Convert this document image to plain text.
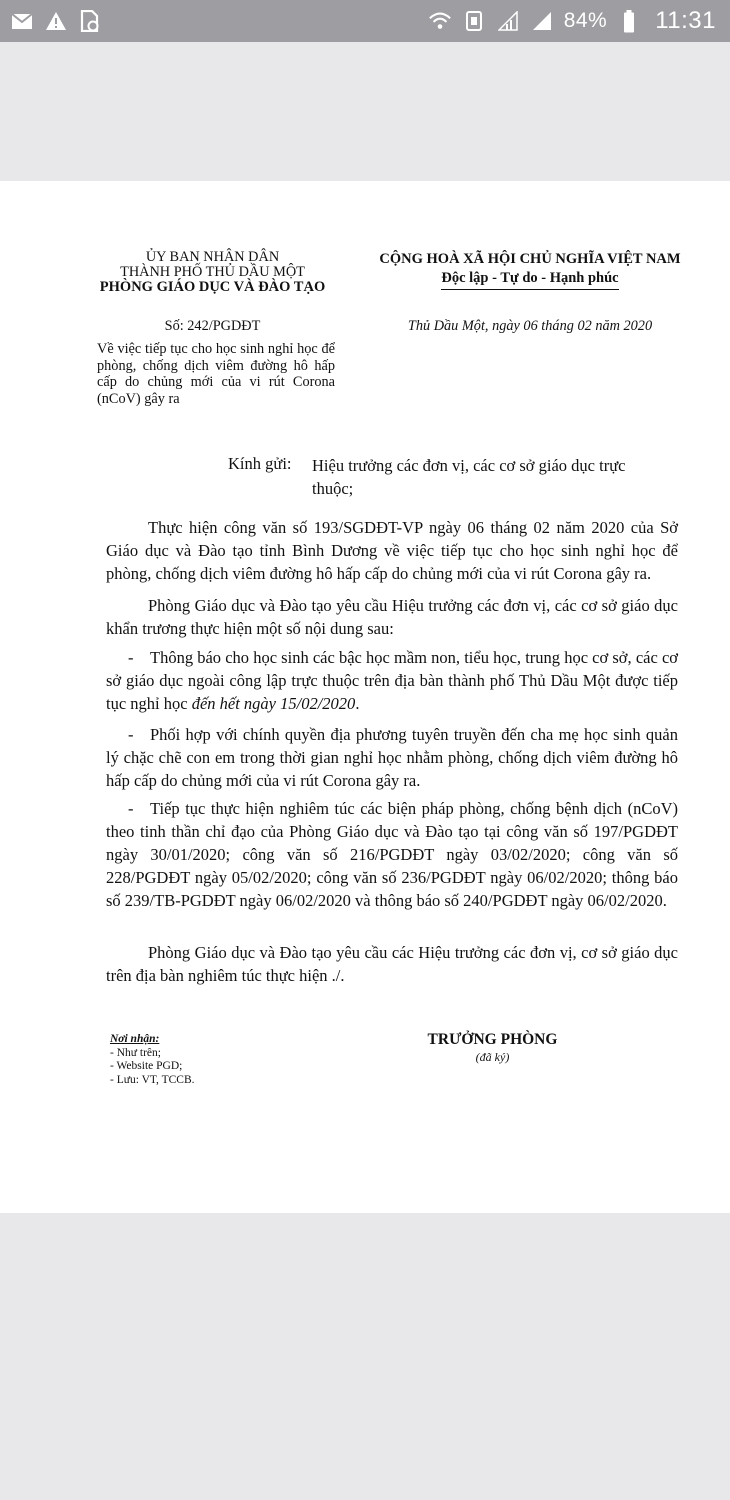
84% 11:31
ỦY BAN NHÂN DÂN
THÀNH PHỐ THỦ DẦU MỘT
PHÒNG GIÁO DỤC VÀ ĐÀO TẠO
CỘNG HOÀ XÃ HỘI CHỦ NGHĨA VIỆT NAM
Độc lập - Tự do - Hạnh phúc
Số: 242/PGDĐT	Thủ Dầu Một, ngày 06 tháng 02 năm 2020
Về việc tiếp tục cho học sinh nghỉ học để phòng, chống dịch viêm đường hô hấp cấp do chủng mới của vi rút Corona (nCoV) gây ra
Kính gửi: Hiệu trưởng các đơn vị, các cơ sở giáo dục trực thuộc;
Thực hiện công văn số 193/SGDĐT-VP ngày 06 tháng 02 năm 2020 của Sở Giáo dục và Đào tạo tỉnh Bình Dương về việc tiếp tục cho học sinh nghỉ học để phòng, chống dịch viêm đường hô hấp cấp do chủng mới của vi rút Corona gây ra.
Phòng Giáo dục và Đào tạo yêu cầu Hiệu trưởng các đơn vị, các cơ sở giáo dục khẩn trương thực hiện một số nội dung sau:
- Thông báo cho học sinh các bậc học mầm non, tiểu học, trung học cơ sở, các cơ sở giáo dục ngoài công lập trực thuộc trên địa bàn thành phố Thủ Dầu Một được tiếp tục nghỉ học đến hết ngày 15/02/2020.
- Phối hợp với chính quyền địa phương tuyên truyền đến cha mẹ học sinh quản lý chặc chẽ con em trong thời gian nghỉ học nhằm phòng, chống dịch viêm đường hô hấp cấp do chủng mới của vi rút Corona gây ra.
- Tiếp tục thực hiện nghiêm túc các biện pháp phòng, chống bệnh dịch (nCoV) theo tinh thần chỉ đạo của Phòng Giáo dục và Đào tạo tại công văn số 197/PGDĐT ngày 30/01/2020; công văn số 216/PGDĐT ngày 03/02/2020; công văn số 228/PGDĐT ngày 05/02/2020; công văn số 236/PGDĐT ngày 06/02/2020; thông báo số 239/TB-PGDĐT ngày 06/02/2020 và thông báo số 240/PGDĐT ngày 06/02/2020.
Phòng Giáo dục và Đào tạo yêu cầu các Hiệu trưởng các đơn vị, cơ sở giáo dục trên địa bàn nghiêm túc thực hiện ./.
Nơi nhận:
- Như trên;
- Website PGD;
- Lưu: VT, TCCB.
TRƯỞNG PHÒNG
(đã ký)
